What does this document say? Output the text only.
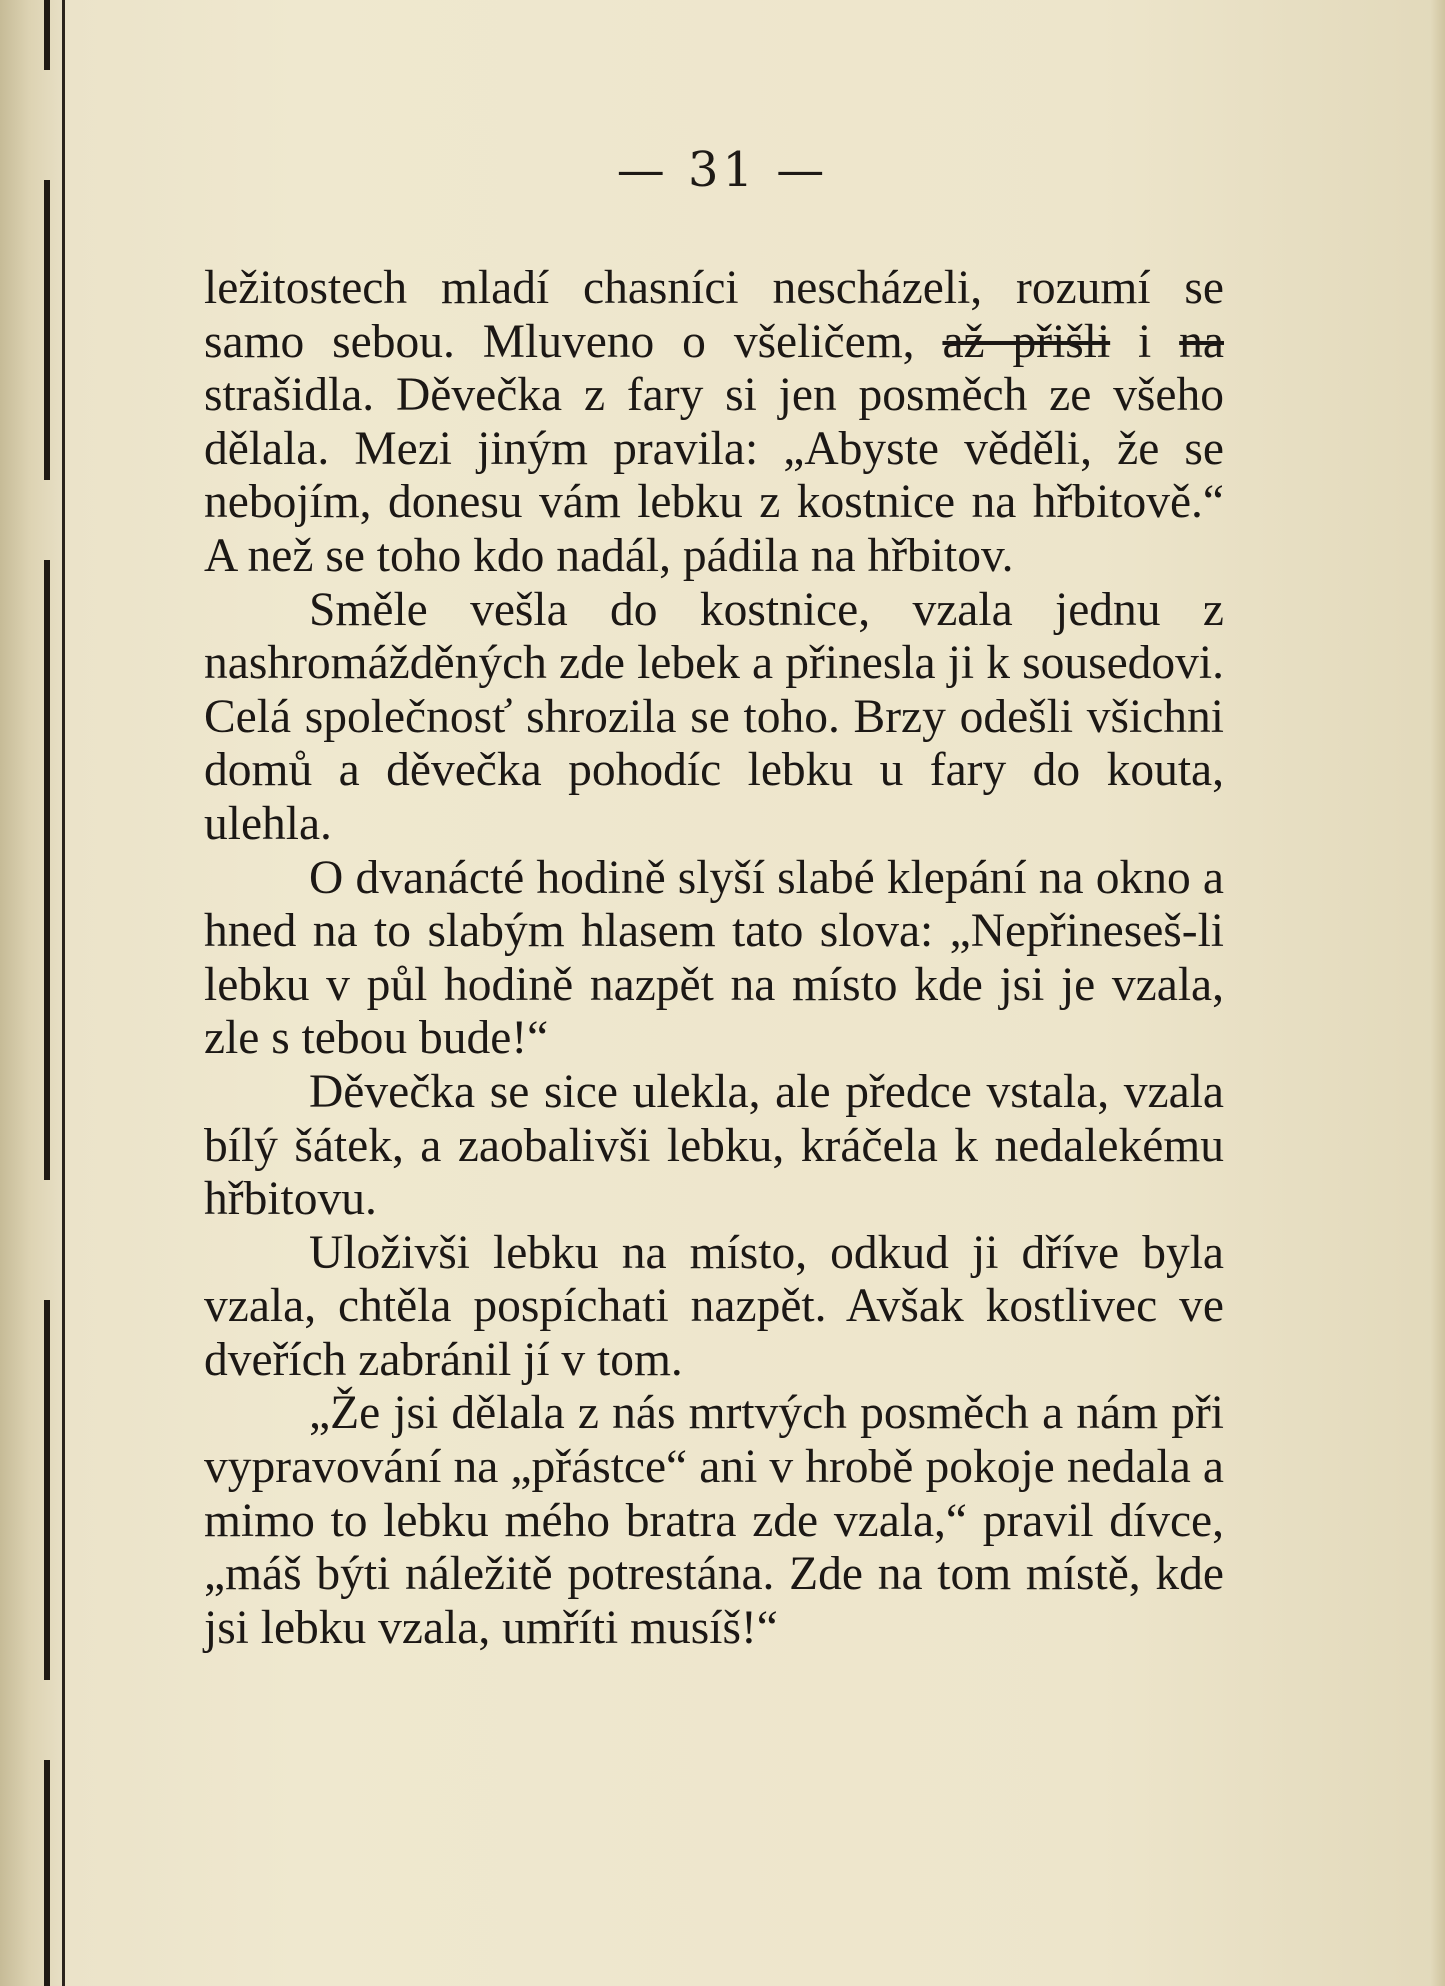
— 31 —

ležitostech mladí chasníci nescházeli, rozumí se samo sebou. Mluveno o všeličem, až přišli i na strašidla. Děvečka z fary si jen posměch ze všeho dělala. Mezi jiným pravila: „Abyste věděli, že se nebojím, donesu vám lebku z kostnice na hřbitově.“ A než se toho kdo nadál, pádila na hřbitov.

Směle vešla do kostnice, vzala jednu z nashromážděných zde lebek a přinesla ji k sousedovi. Celá společnosť shrozila se toho. Brzy odešli všichni domů a děvečka pohodíc lebku u fary do kouta, ulehla.

O dvanácté hodině slyší slabé klepání na okno a hned na to slabým hlasem tato slova: „Nepřineseš-li lebku v půl hodině nazpět na místo kde jsi je vzala, zle s tebou bude!“

Děvečka se sice ulekla, ale předce vstala, vzala bílý šátek, a zaobalivši lebku, kráčela k nedalekému hřbitovu.

Uloživši lebku na místo, odkud ji dříve byla vzala, chtěla pospíchati nazpět. Avšak kostlivec ve dveřích zabránil jí v tom.

„Že jsi dělala z nás mrtvých posměch a nám při vypravování na „přástce“ ani v hrobě pokoje nedala a mimo to lebku mého bratra zde vzala,“ pravil dívce, „máš býti náležitě potrestána. Zde na tom místě, kde jsi lebku vzala, umříti musíš!“
